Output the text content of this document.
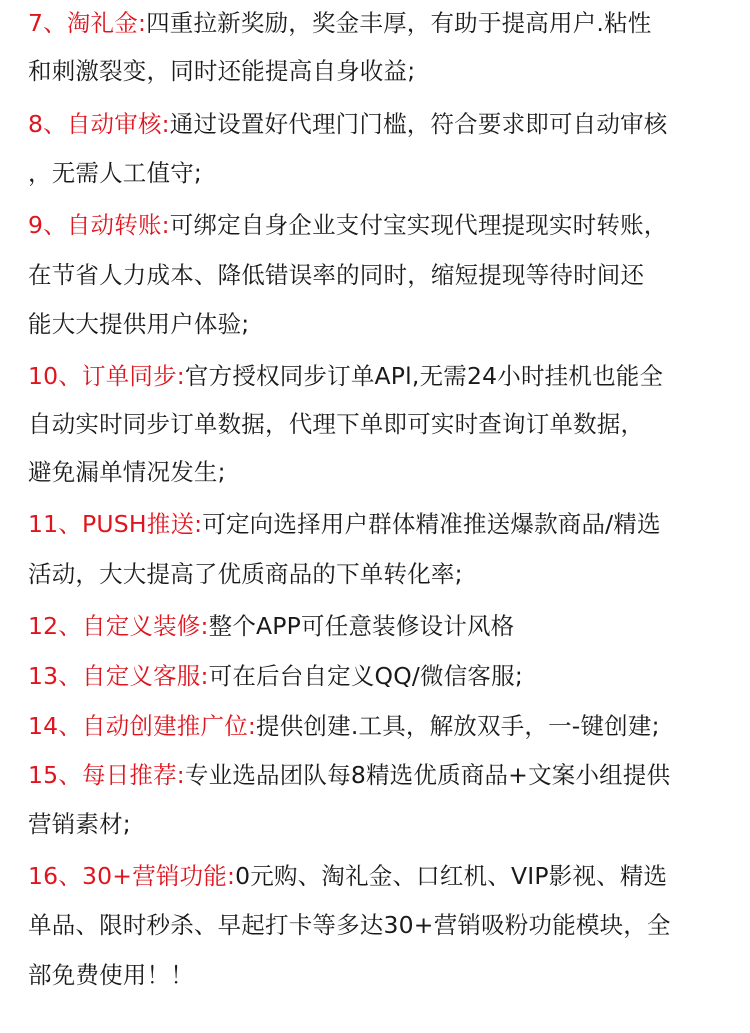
7、淘礼金:四重拉新奖励，奖金丰厚，有助于提高用户.粘性
和刺激裂变，同时还能提高自身收益;
8、自动审核:通过设置好代理门门槛，符合要求即可自动审核
，无需人工值守;
9、自动转账:可绑定自身企业支付宝实现代理提现实时转账，
在节省人力成本、降低错误率的同时，缩短提现等待时间还
能大大提供用户体验;
10、订单同步:官方授权同步订单APl,无需24小时挂机也能全
自动实时同步订单数据，代理下单即可实时查询订单数据，
避免漏单情况发生;
11、PUSH推送:可定向选择用户群体精准推送爆款商品/精选
活动，大大提高了优质商品的下单转化率;
12、自定义装修:整个APP可任意装修设计风格
13、自定义客服:可在后台自定义QQ/微信客服;
14、自动创建推广位:提供创建.工具，解放双手，一-键创建;
15、每日推荐:专业选品团队每8精选优质商品+文案小组提供
营销素材;
16、30+营销功能:0元购、淘礼金、口红机、VIP影视、精选
单品、限时秒杀、早起打卡等多达30+营销吸粉功能模块，全
部免费使用！！
